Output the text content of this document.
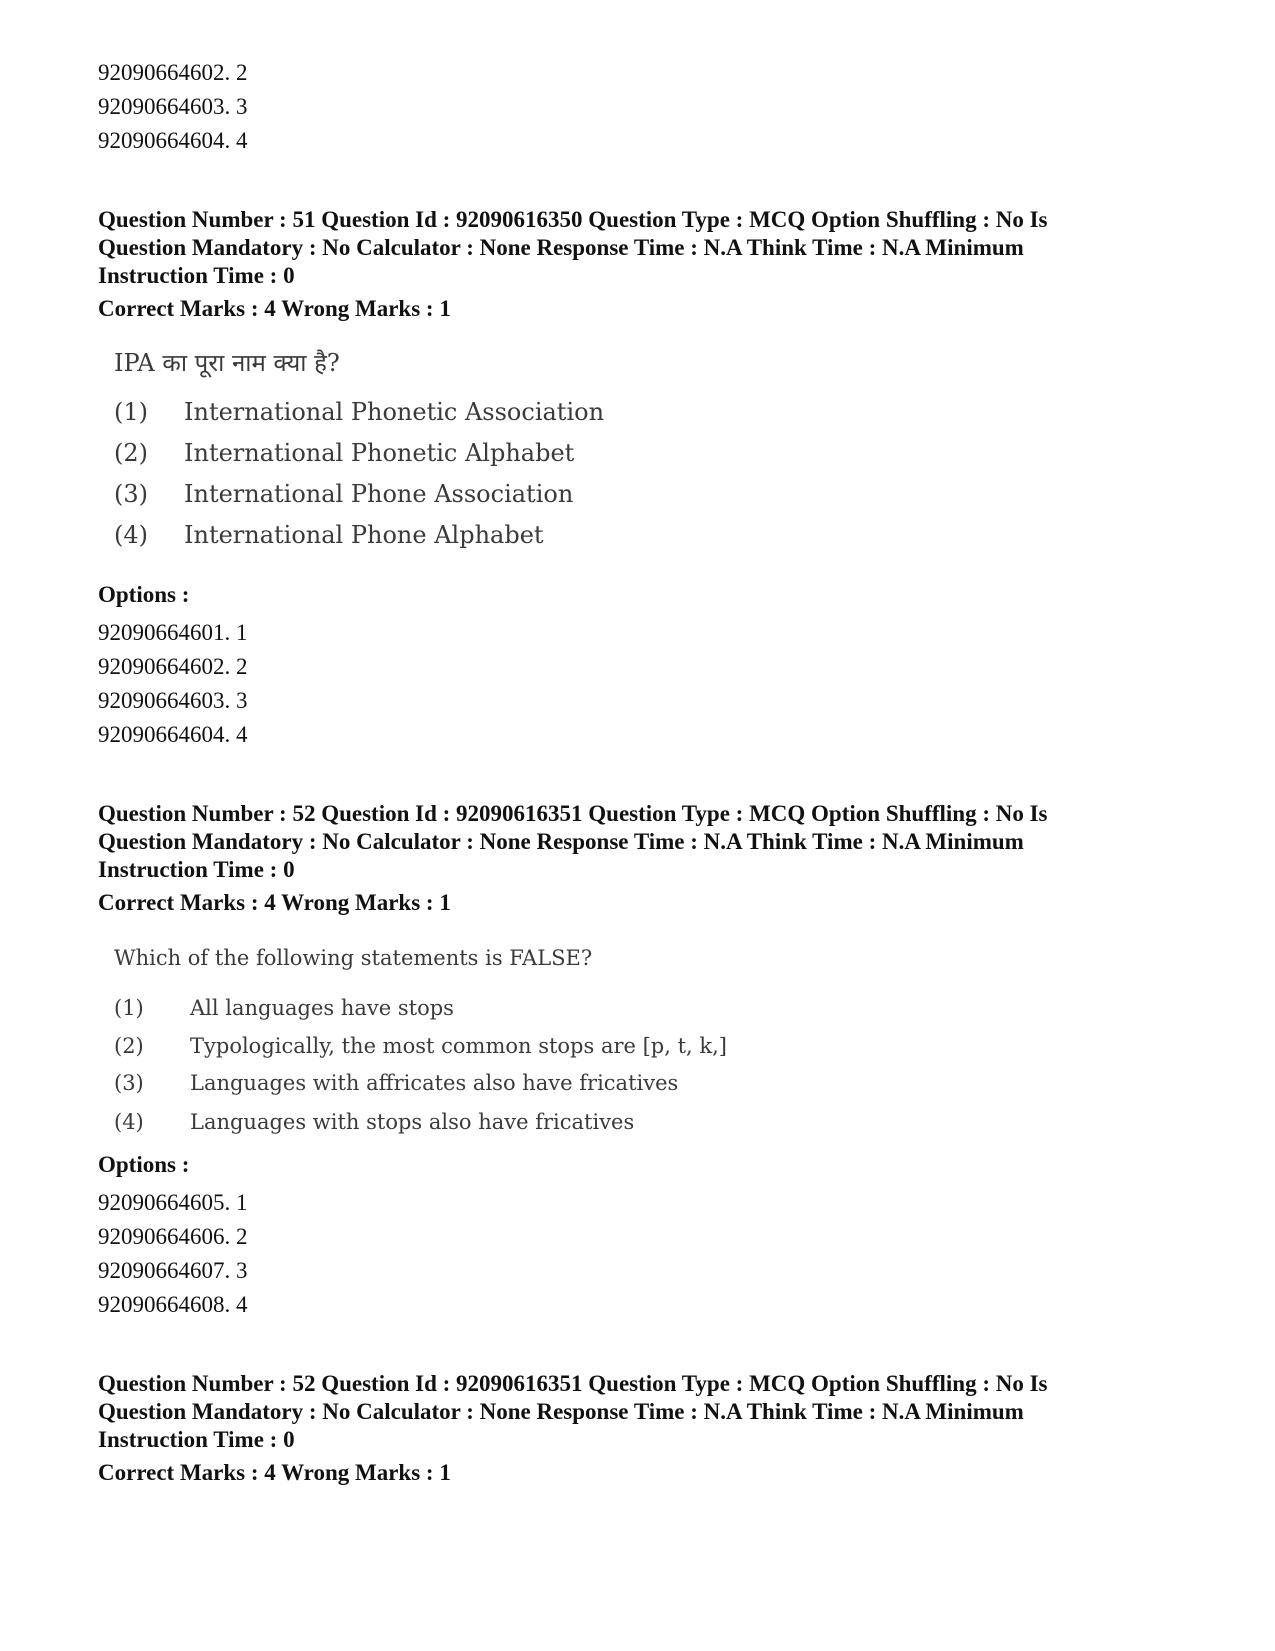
92090664602. 2
92090664603. 3
92090664604. 4
Question Number : 51 Question Id : 92090616350 Question Type : MCQ Option Shuffling : No Is
Question Mandatory : No Calculator : None Response Time : N.A Think Time : N.A Minimum
Instruction Time : 0
Correct Marks : 4 Wrong Marks : 1
IPA का पूरा नाम क्या है?
(1) International Phonetic Association
(2) International Phonetic Alphabet
(3) International Phone Association
(4) International Phone Alphabet
Options :
92090664601. 1
92090664602. 2
92090664603. 3
92090664604. 4
Question Number : 52 Question Id : 92090616351 Question Type : MCQ Option Shuffling : No Is
Question Mandatory : No Calculator : None Response Time : N.A Think Time : N.A Minimum
Instruction Time : 0
Correct Marks : 4 Wrong Marks : 1
Which of the following statements is FALSE?
(1) All languages have stops
(2) Typologically, the most common stops are [p, t, k,]
(3) Languages with affricates also have fricatives
(4) Languages with stops also have fricatives
Options :
92090664605. 1
92090664606. 2
92090664607. 3
92090664608. 4
Question Number : 52 Question Id : 92090616351 Question Type : MCQ Option Shuffling : No Is
Question Mandatory : No Calculator : None Response Time : N.A Think Time : N.A Minimum
Instruction Time : 0
Correct Marks : 4 Wrong Marks : 1
